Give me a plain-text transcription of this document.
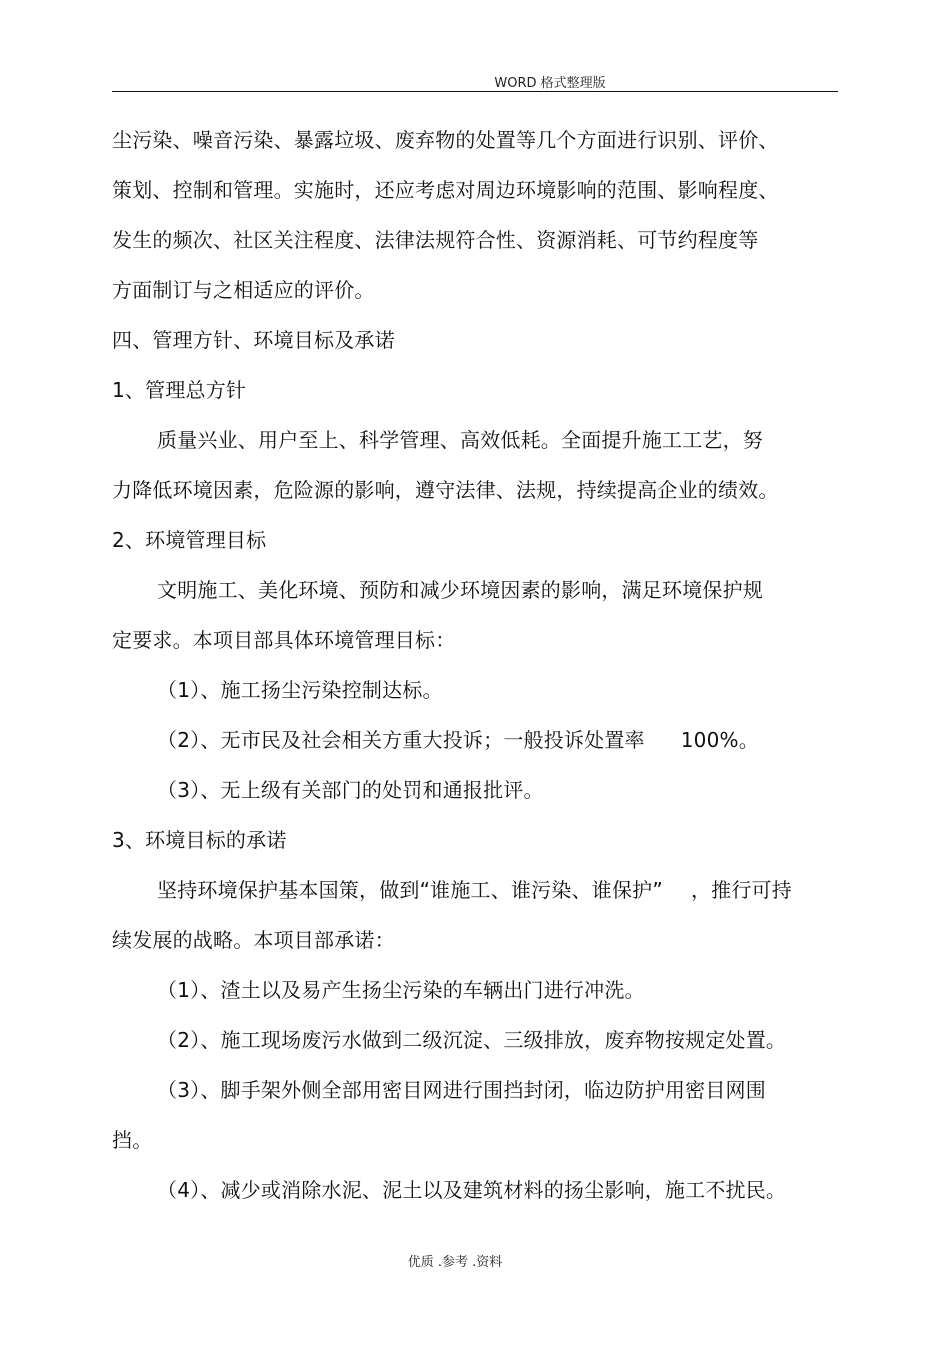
WORD 格式整理版
尘污染、噪音污染、暴露垃圾、废弃物的处置等几个方面进行识别、评价、
策划、控制和管理。实施时，还应考虑对周边环境影响的范围、影响程度、
发生的频次、社区关注程度、法律法规符合性、资源消耗、可节约程度等
方面制订与之相适应的评价。
四、管理方针、环境目标及承诺
1、管理总方针
质量兴业、用户至上、科学管理、高效低耗。全面提升施工工艺，努
力降低环境因素，危险源的影响，遵守法律、法规，持续提高企业的绩效。
2、环境管理目标
文明施工、美化环境、预防和减少环境因素的影响，满足环境保护规
定要求。本项目部具体环境管理目标：
（1）、施工扬尘污染控制达标。
（2）、无市民及社会相关方重大投诉；一般投诉处置率 100%。
（3）、无上级有关部门的处罚和通报批评。
3、环境目标的承诺
坚持环境保护基本国策，做到“谁施工、谁污染、谁保护” ，推行可持
续发展的战略。本项目部承诺：
（1）、渣土以及易产生扬尘污染的车辆出门进行冲洗。
（2）、施工现场废污水做到二级沉淀、三级排放，废弃物按规定处置。
（3）、脚手架外侧全部用密目网进行围挡封闭，临边防护用密目网围
挡。
（4）、减少或消除水泥、泥土以及建筑材料的扬尘影响，施工不扰民。
优质 .参考 .资料
